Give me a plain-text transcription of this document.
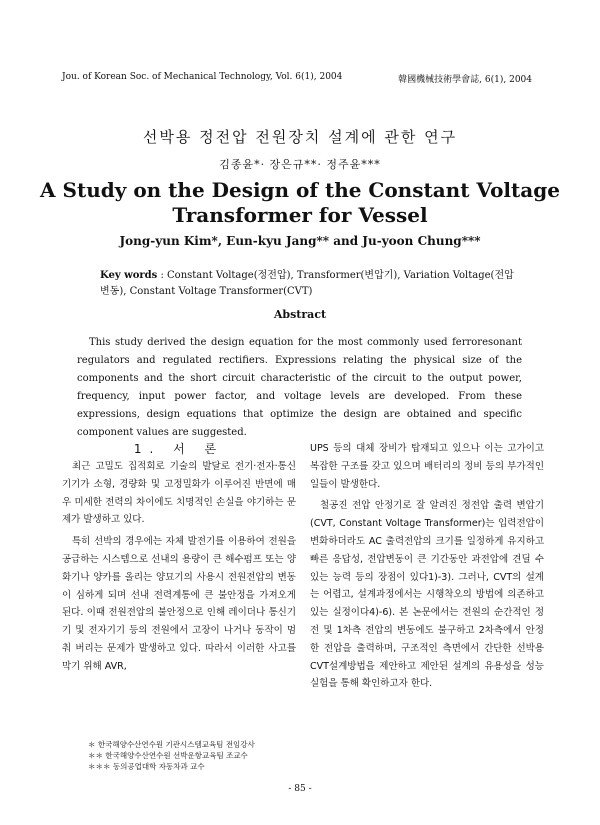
Jou. of Korean Soc. of Mechanical Technology, Vol. 6(1), 2004	韓國機械技術學會誌, 6(1), 2004
선박용 정전압 전원장치 설계에 관한 연구
김종윤*· 장은규**· 정주윤***
A Study on the Design of the Constant Voltage
Transformer for Vessel
Jong-yun Kim*, Eun-kyu Jang** and Ju-yoon Chung***
Key words : Constant Voltage(정전압), Transformer(변압기), Variation Voltage(전압변동), Constant Voltage Transformer(CVT)
Abstract
This study derived the design equation for the most commonly used ferroresonant regulators and regulated rectifiers. Expressions relating the physical size of the components and the short circuit characteristic of the circuit to the output power, frequency, input power factor, and voltage levels are developed. From these expressions, design equations that optimize the design are obtained and specific component values are suggested.
1. 서 론

최근 고밀도 집적회로 기술의 발달로 전기·전자·통신 기기가 소형, 경량화 및 고정밀화가 이루어진 반면에 매우 미세한 전력의 차이에도 치명적인 손실을 야기하는 문제가 발생하고 있다.

특히 선박의 경우에는 자체 발전기를 이용하여 전원을 공급하는 시스템으로 선내의 용량이 큰 해수펌프 또는 양화기나 양카를 올리는 양묘기의 사용시 전원전압의 변동이 심하게 되며 선내 전력계통에 큰 불안정을 가져오게 된다. 이때 전원전압의 불안정으로 인해 레이더나 통신기기 및 전자기기 등의 전원에서 고장이 나거나 동작이 멈춰 버리는 문제가 발생하고 있다. 따라서 이러한 사고를 막기 위해 AVR,

UPS 등의 대체 장비가 탑재되고 있으나 이는 고가이고 복잡한 구조를 갖고 있으며 배터리의 정비 등의 부가적인 일들이 발생한다.

철공진 전압 안정기로 잘 알려진 정전압 출력 변압기 (CVT, Constant Voltage Transformer)는 입력전압이 변화하더라도 AC 출력전압의 크기를 일정하게 유지하고 빠른 응답성, 전압변동이 큰 기간동안 과전압에 견딜 수 있는 능력 등의 장점이 있다1)-3). 그러나, CVT의 설계는 어렵고, 설계과정에서는 시행착오의 방법에 의존하고 있는 실정이다4)-6). 본 논문에서는 전원의 순간적인 정전 및 1차측 전압의 변동에도 불구하고 2차측에서 안정한 전압을 출력하며, 구조적인 측면에서 간단한 선박용 CVT설계방법을 제안하고 제안된 설계의 유용성을 성능실험을 통해 확인하고자 한다.

＊ 한국해양수산연수원 기관시스템교육팀 전임강사
＊＊ 한국해양수산연수원 선박운항교육팀 조교수
＊＊＊ 동의공업대학 자동차과 교수
- 85 -
